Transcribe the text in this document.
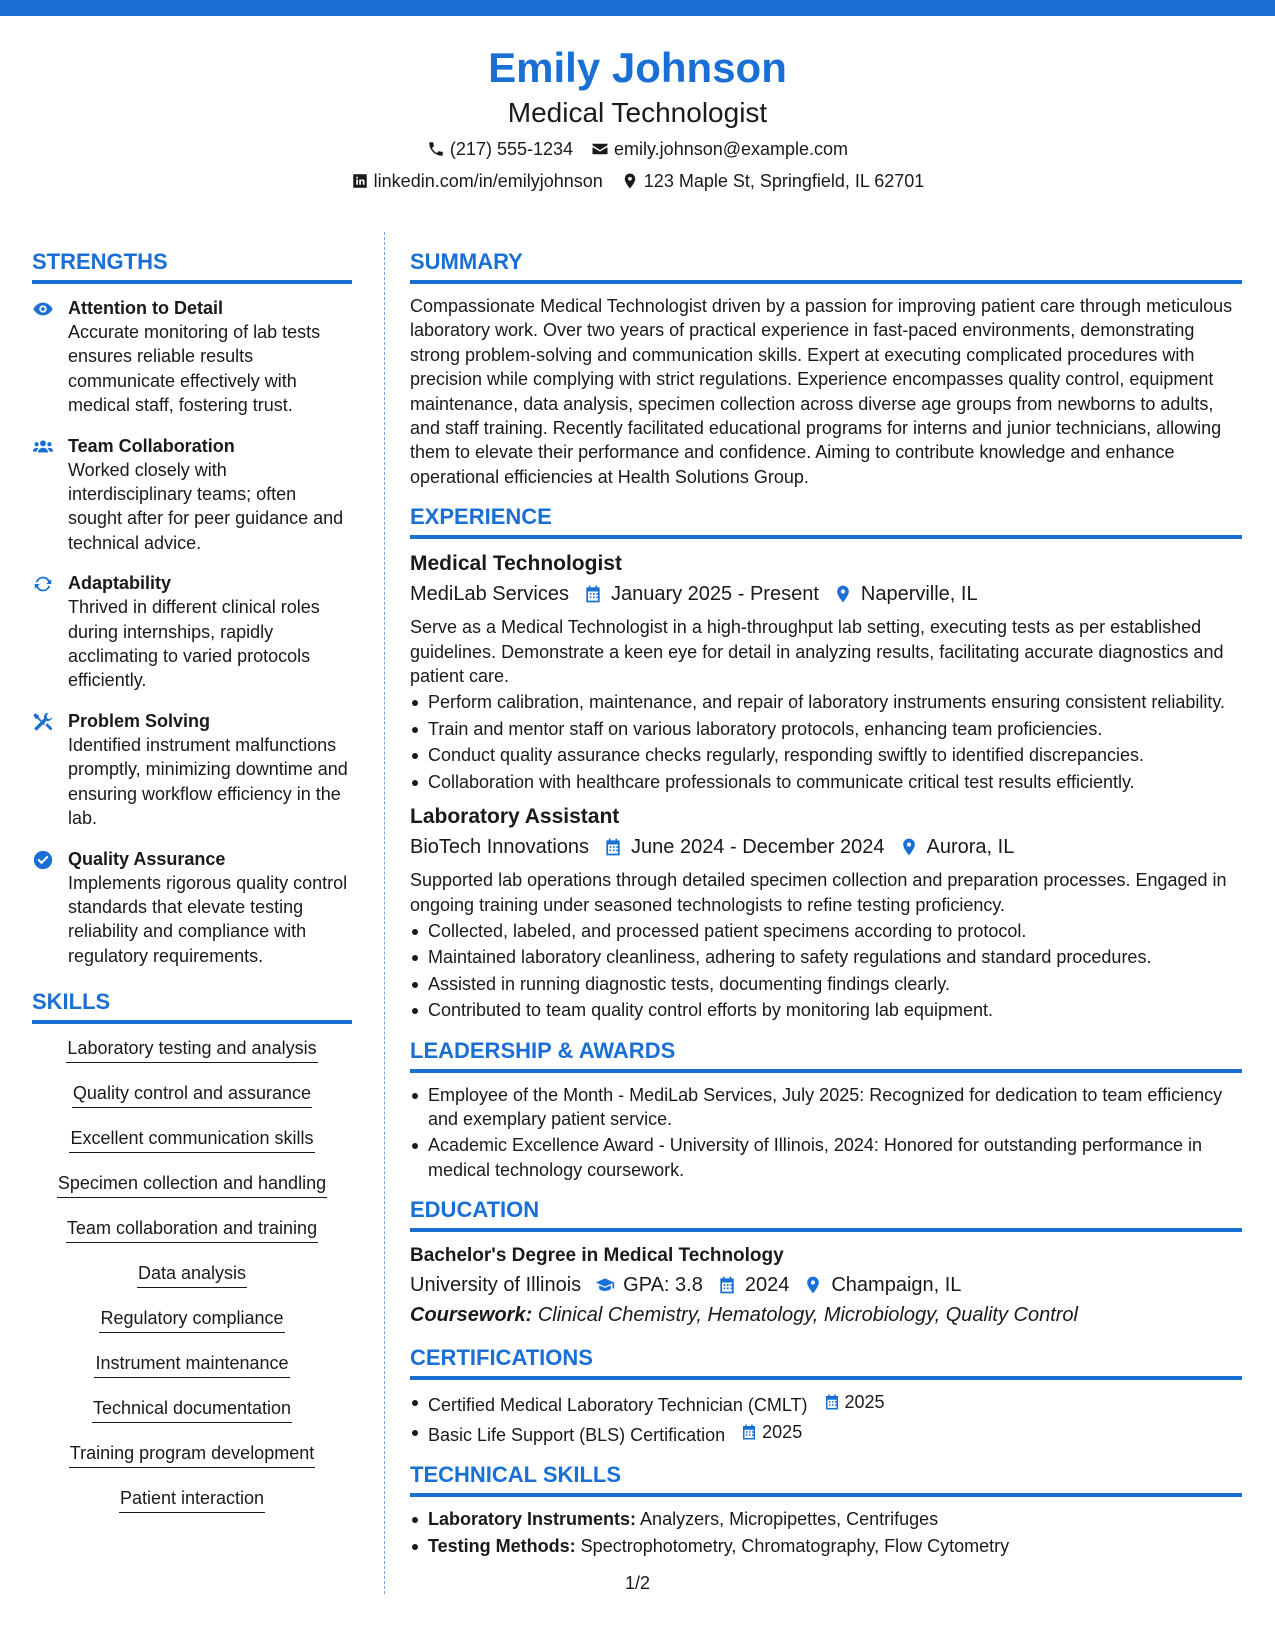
Emily Johnson
Medical Technologist
(217) 555-1234 emily.johnson@example.com
linkedin.com/in/emilyjohnson 123 Maple St, Springfield, IL 62701
STRENGTHS
Attention to Detail
Accurate monitoring of lab tests ensures reliable results communicate effectively with medical staff, fostering trust.
Team Collaboration
Worked closely with interdisciplinary teams; often sought after for peer guidance and technical advice.
Adaptability
Thrived in different clinical roles during internships, rapidly acclimating to varied protocols efficiently.
Problem Solving
Identified instrument malfunctions promptly, minimizing downtime and ensuring workflow efficiency in the lab.
Quality Assurance
Implements rigorous quality control standards that elevate testing reliability and compliance with regulatory requirements.
SKILLS
Laboratory testing and analysis
Quality control and assurance
Excellent communication skills
Specimen collection and handling
Team collaboration and training
Data analysis
Regulatory compliance
Instrument maintenance
Technical documentation
Training program development
Patient interaction
SUMMARY
Compassionate Medical Technologist driven by a passion for improving patient care through meticulous laboratory work. Over two years of practical experience in fast-paced environments, demonstrating strong problem-solving and communication skills. Expert at executing complicated procedures with precision while complying with strict regulations. Experience encompasses quality control, equipment maintenance, data analysis, specimen collection across diverse age groups from newborns to adults, and staff training. Recently facilitated educational programs for interns and junior technicians, allowing them to elevate their performance and confidence. Aiming to contribute knowledge and enhance operational efficiencies at Health Solutions Group.
EXPERIENCE
Medical Technologist
MediLab Services January 2025 - Present Naperville, IL
Serve as a Medical Technologist in a high-throughput lab setting, executing tests as per established guidelines. Demonstrate a keen eye for detail in analyzing results, facilitating accurate diagnostics and patient care.
Perform calibration, maintenance, and repair of laboratory instruments ensuring consistent reliability.
Train and mentor staff on various laboratory protocols, enhancing team proficiencies.
Conduct quality assurance checks regularly, responding swiftly to identified discrepancies.
Collaboration with healthcare professionals to communicate critical test results efficiently.
Laboratory Assistant
BioTech Innovations June 2024 - December 2024 Aurora, IL
Supported lab operations through detailed specimen collection and preparation processes. Engaged in ongoing training under seasoned technologists to refine testing proficiency.
Collected, labeled, and processed patient specimens according to protocol.
Maintained laboratory cleanliness, adhering to safety regulations and standard procedures.
Assisted in running diagnostic tests, documenting findings clearly.
Contributed to team quality control efforts by monitoring lab equipment.
LEADERSHIP & AWARDS
Employee of the Month - MediLab Services, July 2025: Recognized for dedication to team efficiency and exemplary patient service.
Academic Excellence Award - University of Illinois, 2024: Honored for outstanding performance in medical technology coursework.
EDUCATION
Bachelor's Degree in Medical Technology
University of Illinois GPA: 3.8 2024 Champaign, IL
Coursework: Clinical Chemistry, Hematology, Microbiology, Quality Control
CERTIFICATIONS
Certified Medical Laboratory Technician (CMLT) 2025
Basic Life Support (BLS) Certification 2025
TECHNICAL SKILLS
Laboratory Instruments: Analyzers, Micropipettes, Centrifuges
Testing Methods: Spectrophotometry, Chromatography, Flow Cytometry
1/2
